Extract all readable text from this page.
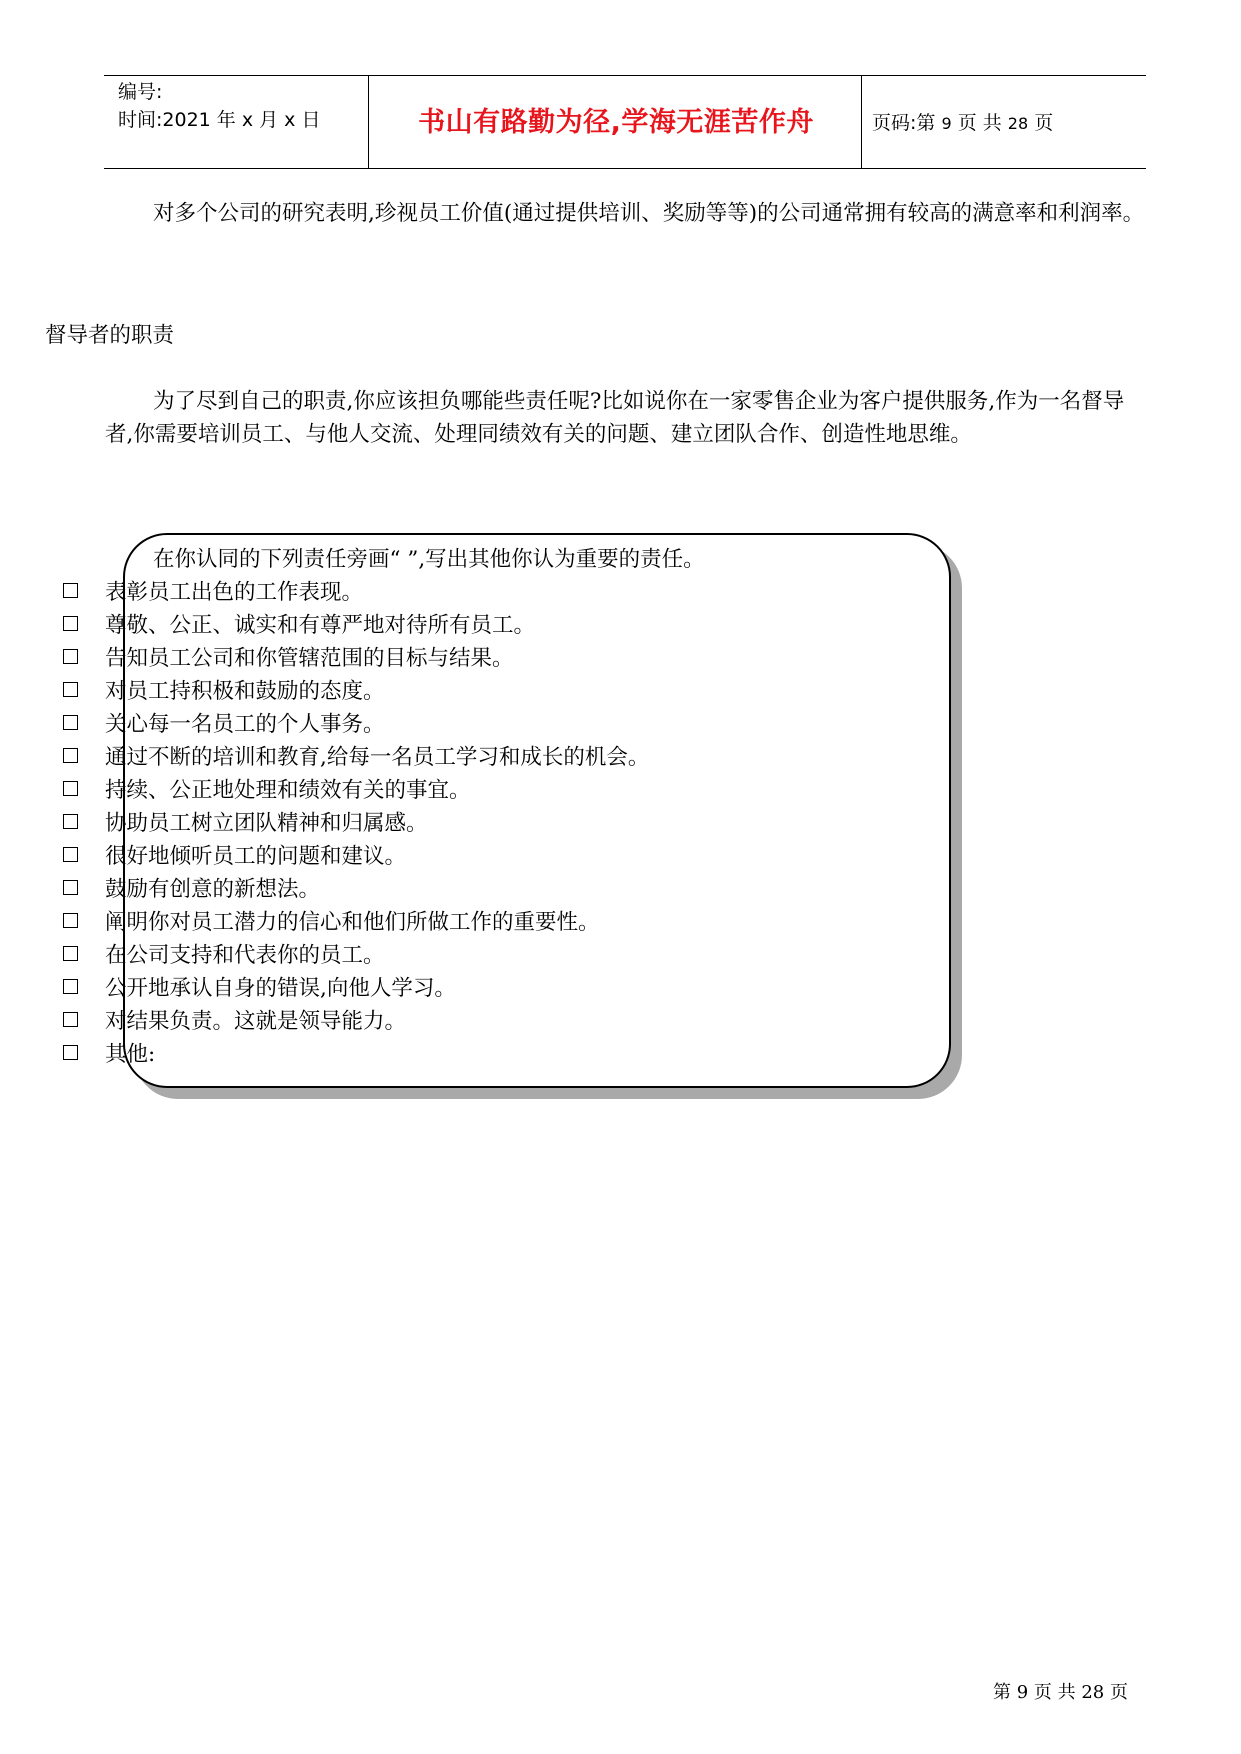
编号:
时间:2021 年 x 月 x 日	书山有路勤为径,学海无涯苦作舟	页码:第 9 页 共 28 页

对多个公司的研究表明,珍视员工价值(通过提供培训、奖励等等)的公司通常拥有较高的满意率和利润率。

督导者的职责

为了尽到自己的职责,你应该担负哪能些责任呢?比如说你在一家零售企业为客户提供服务,作为一名督导者,你需要培训员工、与他人交流、处理同绩效有关的问题、建立团队合作、创造性地思维。

在你认同的下列责任旁画“ ”,写出其他你认为重要的责任。
表彰员工出色的工作表现。
尊敬、公正、诚实和有尊严地对待所有员工。
告知员工公司和你管辖范围的目标与结果。
对员工持积极和鼓励的态度。
关心每一名员工的个人事务。
通过不断的培训和教育,给每一名员工学习和成长的机会。
持续、公正地处理和绩效有关的事宜。
协助员工树立团队精神和归属感。
很好地倾听员工的问题和建议。
鼓励有创意的新想法。
阐明你对员工潜力的信心和他们所做工作的重要性。
在公司支持和代表你的员工。
公开地承认自身的错误,向他人学习。
对结果负责。这就是领导能力。
其他:
第 9 页 共 28 页
